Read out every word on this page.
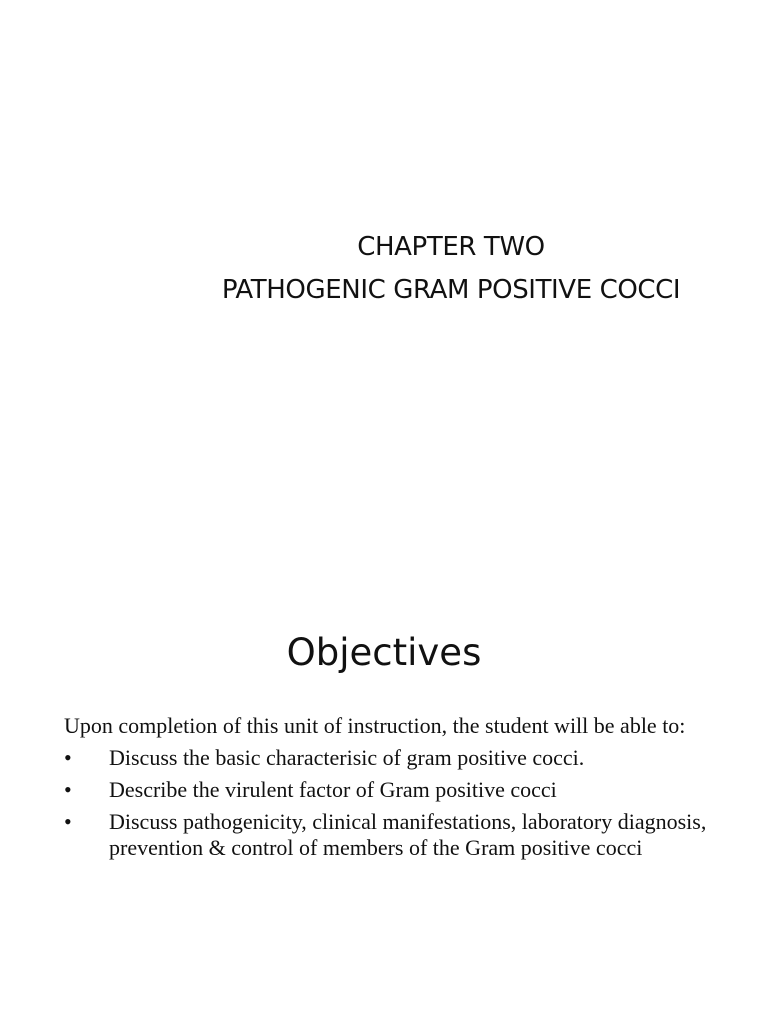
CHAPTER TWO
PATHOGENIC GRAM POSITIVE COCCI
Objectives

Upon completion of this unit of instruction, the student will be able to:

• Discuss the basic characterisic of gram positive cocci.
• Describe the virulent factor of Gram positive cocci
• Discuss pathogenicity, clinical manifestations, laboratory diagnosis, prevention & control of members of the Gram positive cocci
